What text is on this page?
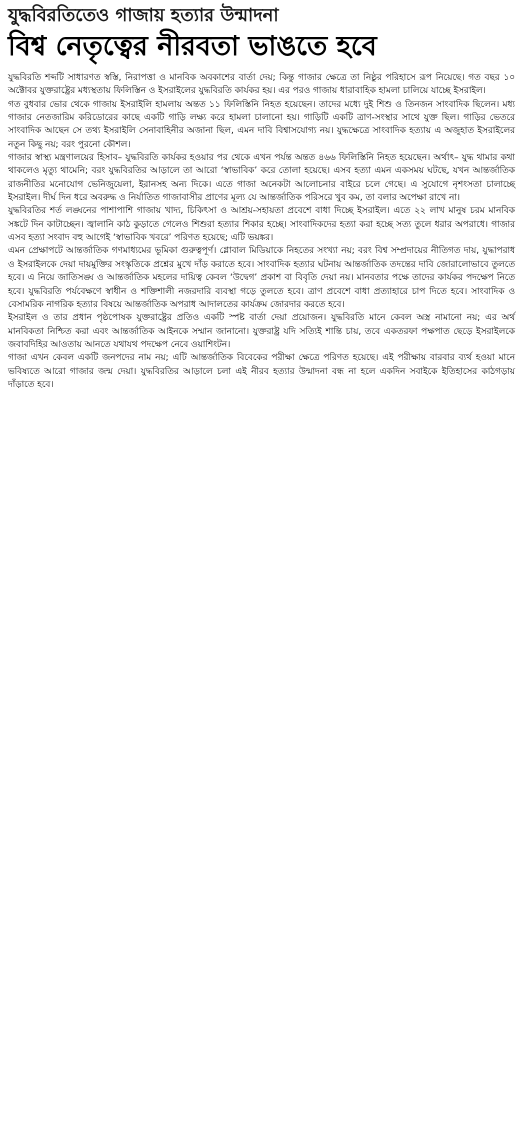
যুদ্ধবিরতিতেও গাজায় হত্যার উন্মাদনা

বিশ্ব নেতৃত্বের নীরবতা ভাঙতে হবে

যুদ্ধবিরতি শব্দটি সাধারণত স্বস্তি, নিরাপত্তা ও মানবিক অবকাশের বার্তা দেয়; কিন্তু গাজার ক্ষেত্রে তা নিষ্ঠুর পরিহাসে রূপ নিয়েছে। গত বছর ১০ অক্টোবর যুক্তরাষ্ট্রের মধ্যস্থতায় ফিলিস্তিন ও ইসরাইলের যুদ্ধবিরতি কার্যকর হয়। এর পরও গাজায় ধারাবাহিক হামলা চালিয়ে যাচ্ছে ইসরাইল।

গত বুধবার ভোর থেকে গাজায় ইসরাইলি হামলায় অন্তত ১১ ফিলিস্তিনি নিহত হয়েছেন। তাদের মধ্যে দুই শিশু ও তিনজন সাংবাদিক ছিলেন। মধ্য গাজার নেতজারিম করিডোরের কাছে একটি গাড়ি লক্ষ্য করে হামলা চালানো হয়। গাড়িটি একটি ত্রাণ-সংস্থার সাথে যুক্ত ছিল। গাড়ির ভেতরে সাংবাদিক আছেন সে তথ্য ইসরাইলি সেনাবাহিনীর অজানা ছিল, এমন দাবি বিশ্বাসযোগ্য নয়। যুদ্ধক্ষেত্রে সাংবাদিক হত্যায় এ অজুহাত ইসরাইলের নতুন কিছু নয়; বরং পুরনো কৌশল।

গাজার স্বাস্থ্য মন্ত্রণালয়ের হিসাব– যুদ্ধবিরতি কার্যকর হওয়ার পর থেকে এখন পর্যন্ত অন্তত ৪৬৬ ফিলিস্তিনি নিহত হয়েছেন। অর্থাৎ– যুদ্ধ থামার কথা থাকলেও মৃত্যু থামেনি; বরং যুদ্ধবিরতির আড়ালে তা আরো ‘স্বাভাবিক’ করে তোলা হয়েছে। এসব হত্যা এমন একসময় ঘটছে, যখন আন্তর্জাতিক রাজনীতির মনোযোগ ভেনিজুয়েলা, ইরানসহ অন্য দিকে। এতে গাজা অনেকটা আলোচনার বাইরে চলে গেছে। এ সুযোগে নৃশংসতা চালাচ্ছে ইসরাইল। দীর্ঘ দিন ধরে অবরুদ্ধ ও নির্যাতিত গাজাবাসীর প্রাণের মূল্য যে আন্তর্জাতিক পরিসরে খুব কম, তা বলার অপেক্ষা রাখে না।

যুদ্ধবিরতির শর্ত লঙ্ঘনের পাশাপাশি গাজায় খাদ্য, চিকিৎসা ও আশ্রয়-সহায়তা প্রবেশে বাধা দিচ্ছে ইসরাইল। এতে ২২ লাখ মানুষ চরম মানবিক সঙ্কটে দিন কাটাচ্ছেন। জ্বালানি কাঠ কুড়াতে গেলেও শিশুরা হত্যার শিকার হচ্ছে। সাংবাদিকদের হত্যা করা হচ্ছে সত্য তুলে ধরার অপরাধে। গাজার এসব হত্যা সংবাদ বহু আগেই ‘স্বাভাবিক খবরে’ পরিণত হয়েছে; এটি ভয়ঙ্কর।

এমন প্রেক্ষাপটে আন্তর্জাতিক গণমাধ্যমের ভূমিকা গুরুত্বপূর্ণ। গ্লোবাল মিডিয়াকে নিহতের সংখ্যা নয়; বরং বিশ্ব সম্প্রদায়ের নীতিগত দায়, যুদ্ধাপরাধ ও ইসরাইলকে দেয়া দায়মুক্তির সংস্কৃতিকে প্রশ্নের মুখে দাঁড় করাতে হবে। সাংবাদিক হত্যার ঘটনায় আন্তর্জাতিক তদন্তের দাবি জোরালোভাবে তুলতে হবে। এ নিয়ে জাতিসঙ্ঘ ও আন্তর্জাতিক মহলের দায়িত্ব কেবল ‘উদ্বেগ’ প্রকাশ বা বিবৃতি দেয়া নয়। মানবতার পক্ষে তাদের কার্যকর পদক্ষেপ নিতে হবে। যুদ্ধবিরতি পর্যবেক্ষণে স্বাধীন ও শক্তিশালী নজরদারি ব্যবস্থা গড়ে তুলতে হবে। ত্রাণ প্রবেশে বাধা প্রত্যাহারে চাপ দিতে হবে। সাংবাদিক ও বেসামরিক নাগরিক হত্যার বিষয়ে আন্তর্জাতিক অপরাধ আদালতের কার্যক্রম জোরদার করতে হবে।

ইসরাইল ও তার প্রধান পৃষ্ঠপোষক যুক্তরাষ্ট্রের প্রতিও একটি স্পষ্ট বার্তা দেয়া প্রয়োজন। যুদ্ধবিরতি মানে কেবল অস্ত্র নামানো নয়; এর অর্থ মানবিকতা নিশ্চিত করা এবং আন্তর্জাতিক আইনকে সম্মান জানানো। যুক্তরাষ্ট্র যদি সত্যিই শান্তি চায়, তবে একতরফা পক্ষপাত ছেড়ে ইসরাইলকে জবাবদিহির আওতায় আনতে যথাযথ পদক্ষেপ নেবে ওয়াশিংটন।

গাজা এখন কেবল একটি জনপদের নাম নয়; এটি আন্তর্জাতিক বিবেকের পরীক্ষা ক্ষেত্রে পরিণত হয়েছে। এই পরীক্ষায় বারবার ব্যর্থ হওয়া মানে ভবিষ্যতে আরো গাজার জন্ম দেয়া। যুদ্ধবিরতির আড়ালে চলা এই নীরব হত্যার উন্মাদনা বন্ধ না হলে একদিন সবাইকে ইতিহাসের কাঠগড়ায় দাঁড়াতে হবে।
